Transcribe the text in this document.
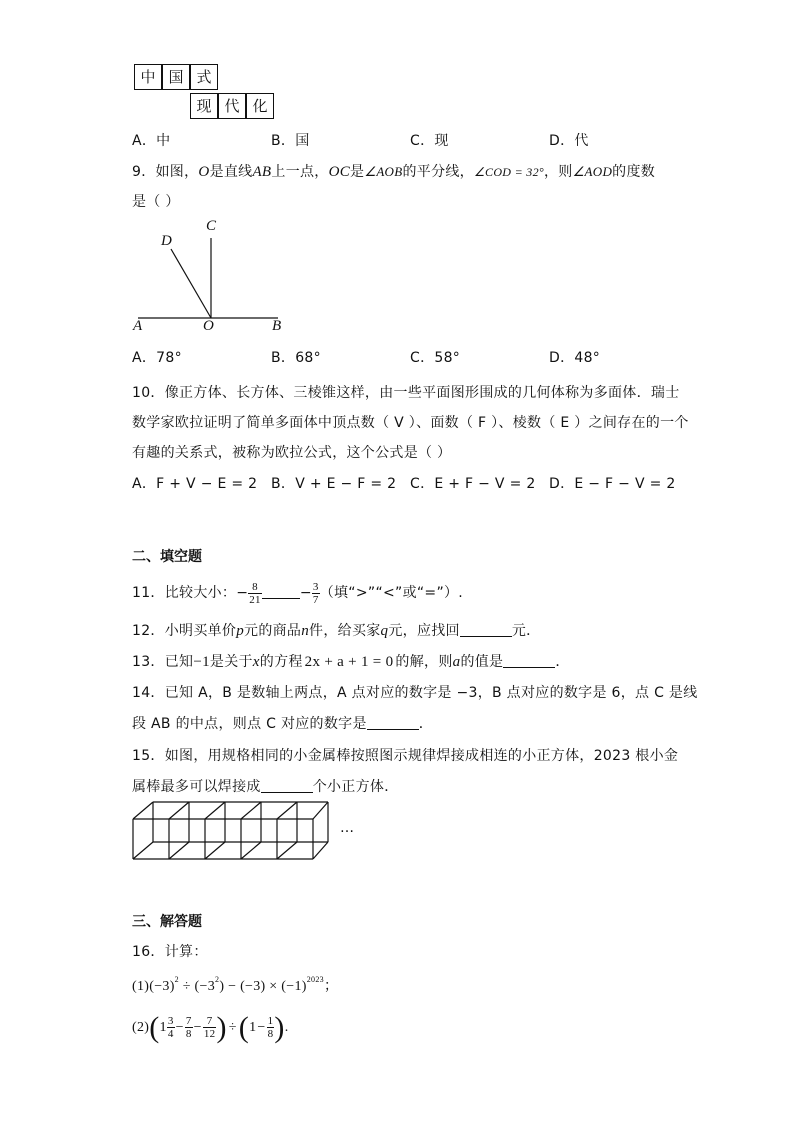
中 国 式
现 代 化
A．中	B．国	C．现	D．代
9．如图，O是直线AB上一点，OC是∠AOB的平分线，∠COD = 32°，则∠AOD的度数
是（ ）
C
D
A	O	B
A．78°	B．68°	C．58°	D．48°
10．像正方体、长方体、三棱锥这样，由一些平面图形围成的几何体称为多面体．瑞士
数学家欧拉证明了简单多面体中顶点数（ V ）、面数（ F ）、棱数（ E ）之间存在的一个
有趣的关系式，被称为欧拉公式，这个公式是（ ）
A．F + V − E = 2 B．V + E − F = 2 C．E + F − V = 2 D．E − F − V = 2
二、填空题
11．比较大小：− $\frac{8}{21}$	− $\frac{3}{7}$ （填“>”“<”或“=”）.
12．小明买单价p元的商品n件，给买家q元，应找回	元．
13．已知−1是关于x的方程 2x + a + 1 = 0 的解，则a的值是	．
14．已知 A，B 是数轴上两点，A 点对应的数字是 −3，B 点对应的数字是 6，点 C 是线
段 AB 的中点，则点 C 对应的数字是	．
15．如图，用规格相同的小金属棒按照图示规律焊接成相连的小正方体，2023 根小金
属棒最多可以焊接成	个小正方体．
…
三、解答题
16．计算：
$(1)(-3)^2 \div (-3^2) - (-3) \times (-1)^{2023}$；
$(2)(1 \frac{3}{4} - \frac{7}{8} - \frac{7}{12}$ ) $\div(1- \frac{1}{8}$ ).
